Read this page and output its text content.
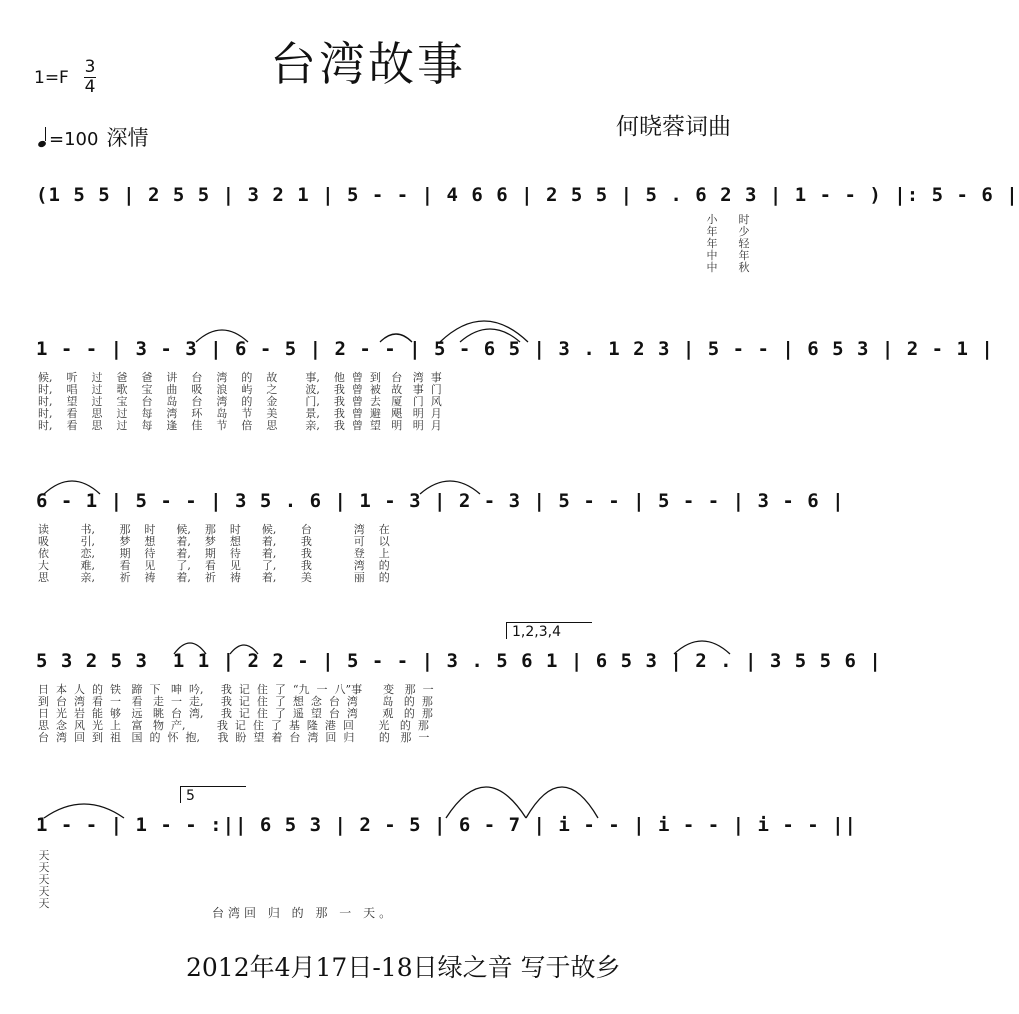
台湾故事
1=F
3
4
=100 深情	何晓蓉词曲
(1 5 5 | 2 5 5 | 3 2 1 | 5 - - | 4 6 6 | 2 5 5 | 5 . 6 2 3 | 1 - - ) |: 5 - 6 |
小年年中中
时少轻年秋
1 - - | 3 - 3 | 6 - 5 | 2 - - | 5 - 6 5 | 3 . 1 2 3 | 5 - - | 6 5 3 | 2 - 1 |
候,    听    过    爸    爸    讲    台    湾    的    故        事,    他  曾  到   台   湾  事
时,    唱    过    歌    宝    曲    吸    浪    屿    之        波,    我  曾  被   故   事  门
时,    望    过    宝    台    岛    台    湾    的    金        门,    我  曾  去   厦   门  风
时,    看    思    过    每    湾    环    岛    节    美        景,    我  曾  避   飓   明  月
时,    看    思    过    每    逢    佳    节    倍    思        亲,    我  曾  望   明   明  月
6 - 1 | 5 - - | 3 5 . 6 | 1 - 3 | 2 - 3 | 5 - - | 5 - - | 3 - 6 |
读         书,       那    时      候,    那    时      候,       台            湾    在
吸         引,       梦    想      着,    梦    想      着,       我            可    以
依         恋,       期    待      着,    期    待      着,       我            登    上
大         难,       看    见      了,    看    见      了,       我            湾    的
思         亲,       祈    祷      着,    祈    祷      着,       美            丽    的
1,2,3,4
5 3 2 5 3  1 1 | 2 2 - | 5 - - | 3 . 5 6 1 | 6 5 3 | 2 . | 3 5 5 6 |
日  本  人  的  铁   蹄  下   呻  吟,     我  记  住  了  “九  一  八”事      变   那  一
到  台  湾  看  一   看   走  一  走,     我  记  住  了  想  念  台  湾       岛   的  那
日  光  岩  能  够   远   眺  台  湾,     我  记  住  了  遥  望  台  湾       观   的  那
思  念  风  光  上   富   物  产,         我  记  住  了  基  隆  港  回       光   的  那
台  湾  回  到  祖   国  的  怀  抱,     我  盼  望  着  台  湾  回  归       的   那  一
5
1 - - | 1 - - :|| 6 5 3 | 2 - 5 | 6 - 7 | i - - | i - - | i - - ||
天天天天天
台湾回 归 的 那 一 天。
2012年4月17日-18日绿之音 写于故乡
